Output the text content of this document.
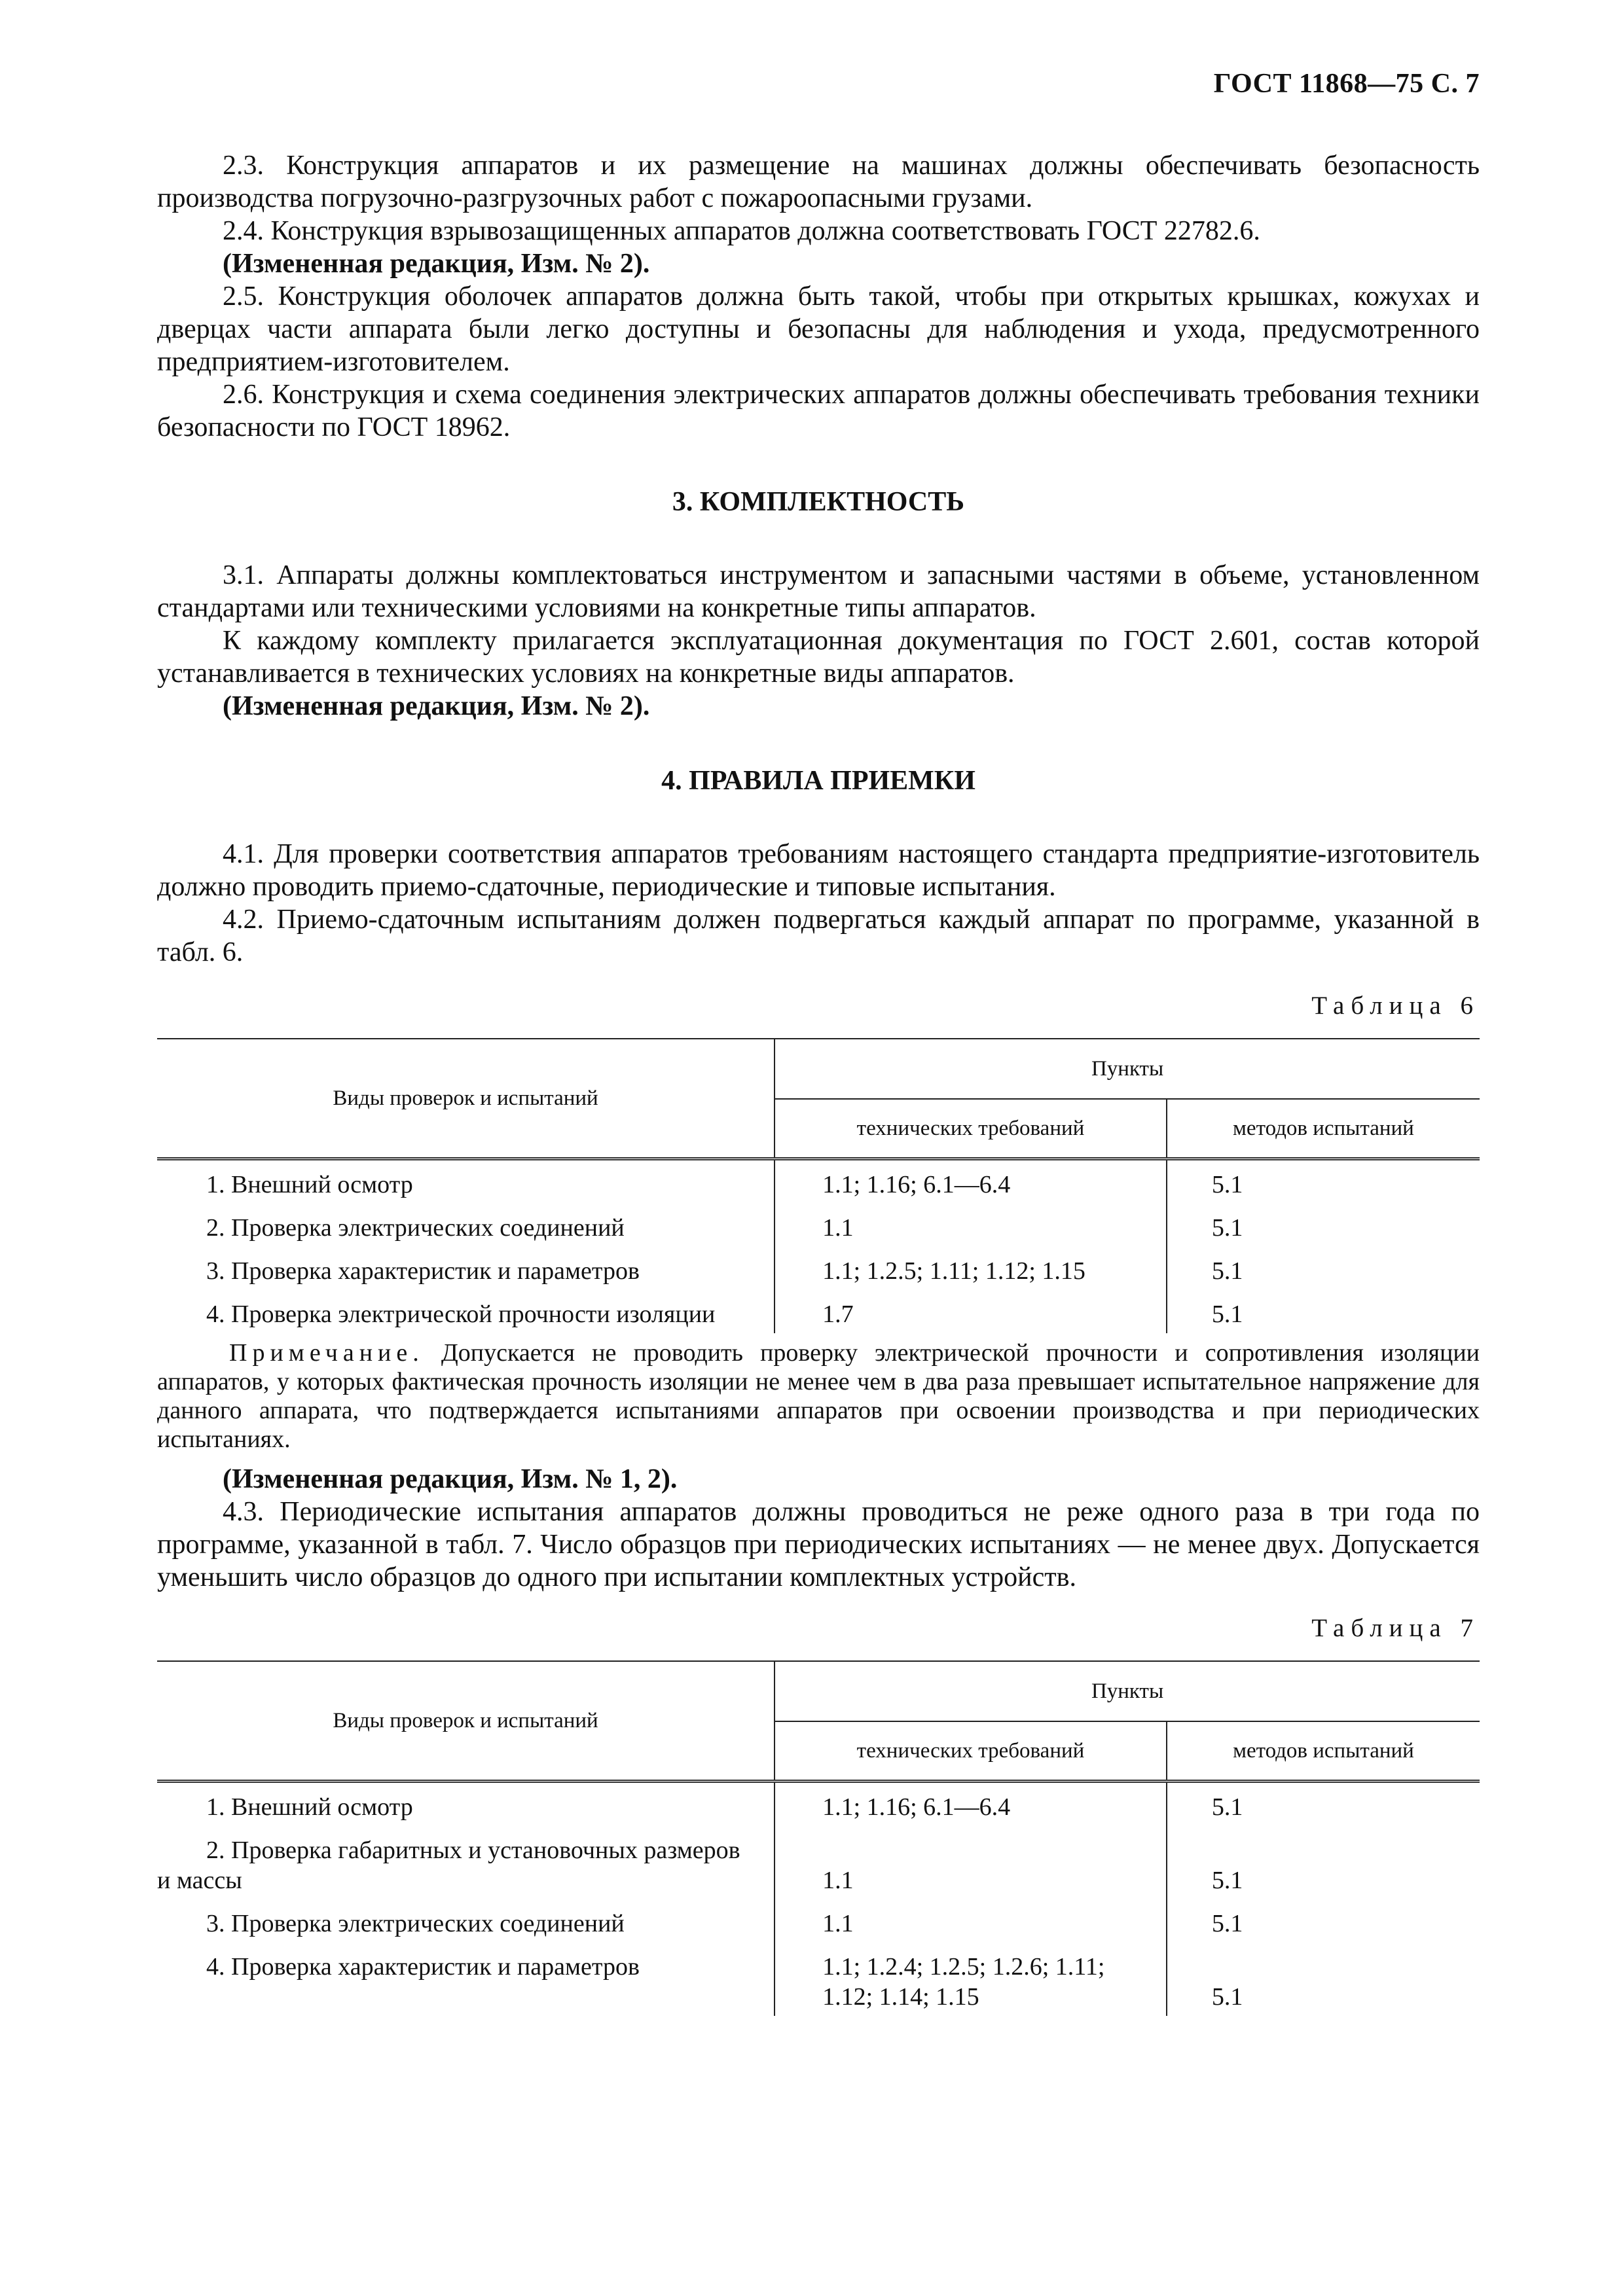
ГОСТ 11868—75 С. 7

2.3. Конструкция аппаратов и их размещение на машинах должны обеспечивать безопасность производства погрузочно-разгрузочных работ с пожароопасными грузами.

2.4. Конструкция взрывозащищенных аппаратов должна соответствовать ГОСТ 22782.6.

(Измененная редакция, Изм. № 2).

2.5. Конструкция оболочек аппаратов должна быть такой, чтобы при открытых крышках, кожухах и дверцах части аппарата были легко доступны и безопасны для наблюдения и ухода, предусмотренного предприятием-изготовителем.

2.6. Конструкция и схема соединения электрических аппаратов должны обеспечивать требования техники безопасности по ГОСТ 18962.

3. КОМПЛЕКТНОСТЬ

3.1. Аппараты должны комплектоваться инструментом и запасными частями в объеме, установленном стандартами или техническими условиями на конкретные типы аппаратов.

К каждому комплекту прилагается эксплуатационная документация по ГОСТ 2.601, состав которой устанавливается в технических условиях на конкретные виды аппаратов.

(Измененная редакция, Изм. № 2).

4. ПРАВИЛА ПРИЕМКИ

4.1. Для проверки соответствия аппаратов требованиям настоящего стандарта предприятие-изготовитель должно проводить приемо-сдаточные, периодические и типовые испытания.

4.2. Приемо-сдаточным испытаниям должен подвергаться каждый аппарат по программе, указанной в табл. 6.

Таблица 6
Виды проверок и испытаний	Пункты	
	технических требований	методов испытаний

1. Внешний осмотр	1.1; 1.16; 6.1—6.4	5.1

2. Проверка электрических соединений	1.1	5.1

3. Проверка характеристик и параметров	1.1; 1.2.5; 1.11; 1.12; 1.15	5.1

4. Проверка электрической прочности изоляции	1.7	5.1
Примечание. Допускается не проводить проверку электрической прочности и сопротивления изоляции аппаратов, у которых фактическая прочность изоляции не менее чем в два раза превышает испытательное напряжение для данного аппарата, что подтверждается испытаниями аппаратов при освоении производства и при периодических испытаниях.

(Измененная редакция, Изм. № 1, 2).

4.3. Периодические испытания аппаратов должны проводиться не реже одного раза в три года по программе, указанной в табл. 7. Число образцов при периодических испытаниях — не менее двух. Допускается уменьшить число образцов до одного при испытании комплектных устройств.

Таблица 7
Виды проверок и испытаний	Пункты	
	технических требований	методов испытаний

1. Внешний осмотр	1.1; 1.16; 6.1—6.4	5.1

2. Проверка габаритных и установочных размеров и массы	1.1	5.1

3. Проверка электрических соединений	1.1	5.1

4. Проверка характеристик и параметров	1.1; 1.2.4; 1.2.5; 1.2.6; 1.11; 1.12; 1.14; 1.15	5.1
